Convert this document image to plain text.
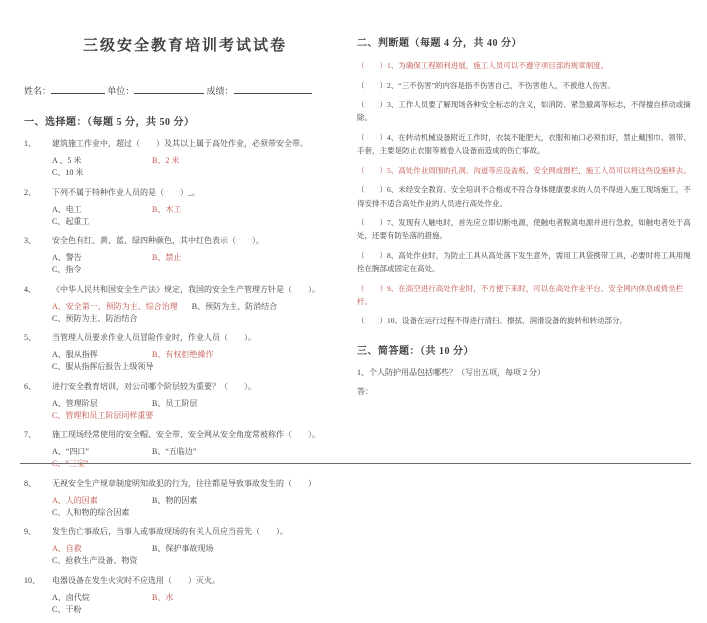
三级安全教育培训考试试卷
姓名：	单位：	成绩：
一、选择题：（每题 5 分，共 50 分）
1、	建筑施工作业中，超过（　　）及其以上属于高处作业，必须带安全带。
A 、5 米	B、2 米
C、10 米
2、	下列不属于特种作业人员的是（　　）_。
A、电工	B、木工
C、起重工
3、	安全色有红、黄、蓝、绿四种颜色，其中红色表示（　　）。
A、警告	B、禁止
C、指令
4、	《中华人民共和国安全生产法》规定，我国的安全生产管理方针是（　　）。
A、安全第一、预防为主、综合治理	B、预防为主、防消结合
C、预防为主、防治结合
5、	当管理人员要求作业人员冒险作业时，作业人员（　　）。
A、服从指挥	B、有权拒绝操作
C、服从指挥后报告上级领导
6、	进行安全教育培训，对公司哪个阶层较为重要？（　　）。
A、管理阶层	B、员工阶层
C、管理和员工阶层同样重要
7、	施工现场经常使用的安全帽、安全带、安全网从安全角度常被称作（　　）。
A、“四口”	B、“五临边”
C、“三宝”
8、	无视安全生产规章制度明知故犯的行为，往往都是导致事故发生的（　　）
A、人的因素	B、物的因素
C、人和物的综合因素
9、	发生伤亡事故后，当事人或事故现场的有关人员应当首先（　　）。
A、自救	B、保护事故现场
C、抢救生产设备、物资
10、	电器设备在发生火灾时不应选用（　　）灭火。
A、卤代烷	B、水
C、干粉
二、判断题（每题 4 分，共 40 分）
（　　）1、为确保工程顺利进展，施工人员可以不遵守项目部的规章制度。
（　　）2、“三不伤害”的内容是指不伤害自己，不伤害他人，不被他人伤害。
（　　）3、工作人员要了解现场各种安全标志的含义，如消防、紧急撤离等标志，不得擅自移动或摘除。
（　　）4、在转动机械设备附近工作时，衣装不能肥大，衣服和袖口必须扣好，禁止戴围巾、领带、手套，主要是防止衣服等被卷入设备而造成的伤亡事故。
（　　）5、高处作业周围的孔洞、沟道等应设盖板、安全网或围栏，施工人员可以将这些设施移去。
（　　）6、未经安全教育、安全培训不合格或不符合身体健康要求的人员不得进入施工现场施工，不得安排不适合高处作业的人员进行高处作业。
（　　）7、发现有人触电时，首先应立即切断电源，使触电者脱离电源并进行急救，如触电者处于高处，还要有防坠落的措施。
（　　）8、高处作业时，为防止工具从高处落下发生意外，需用工具袋携带工具，必要时将工具用绳拴在腕部或固定在高处。
（　　）9、在高空进行高处作业时，不方便下来时，可以在高处作业平台、安全网内休息或倚坐栏杆。
（　　）10、设备在运行过程不得进行清扫、擦拭、润滑设备的旋转和转动部分。
三、简答题：（共 10 分）
1、个人防护用品包括哪些？（写出五项，每项 2 分）
答：
